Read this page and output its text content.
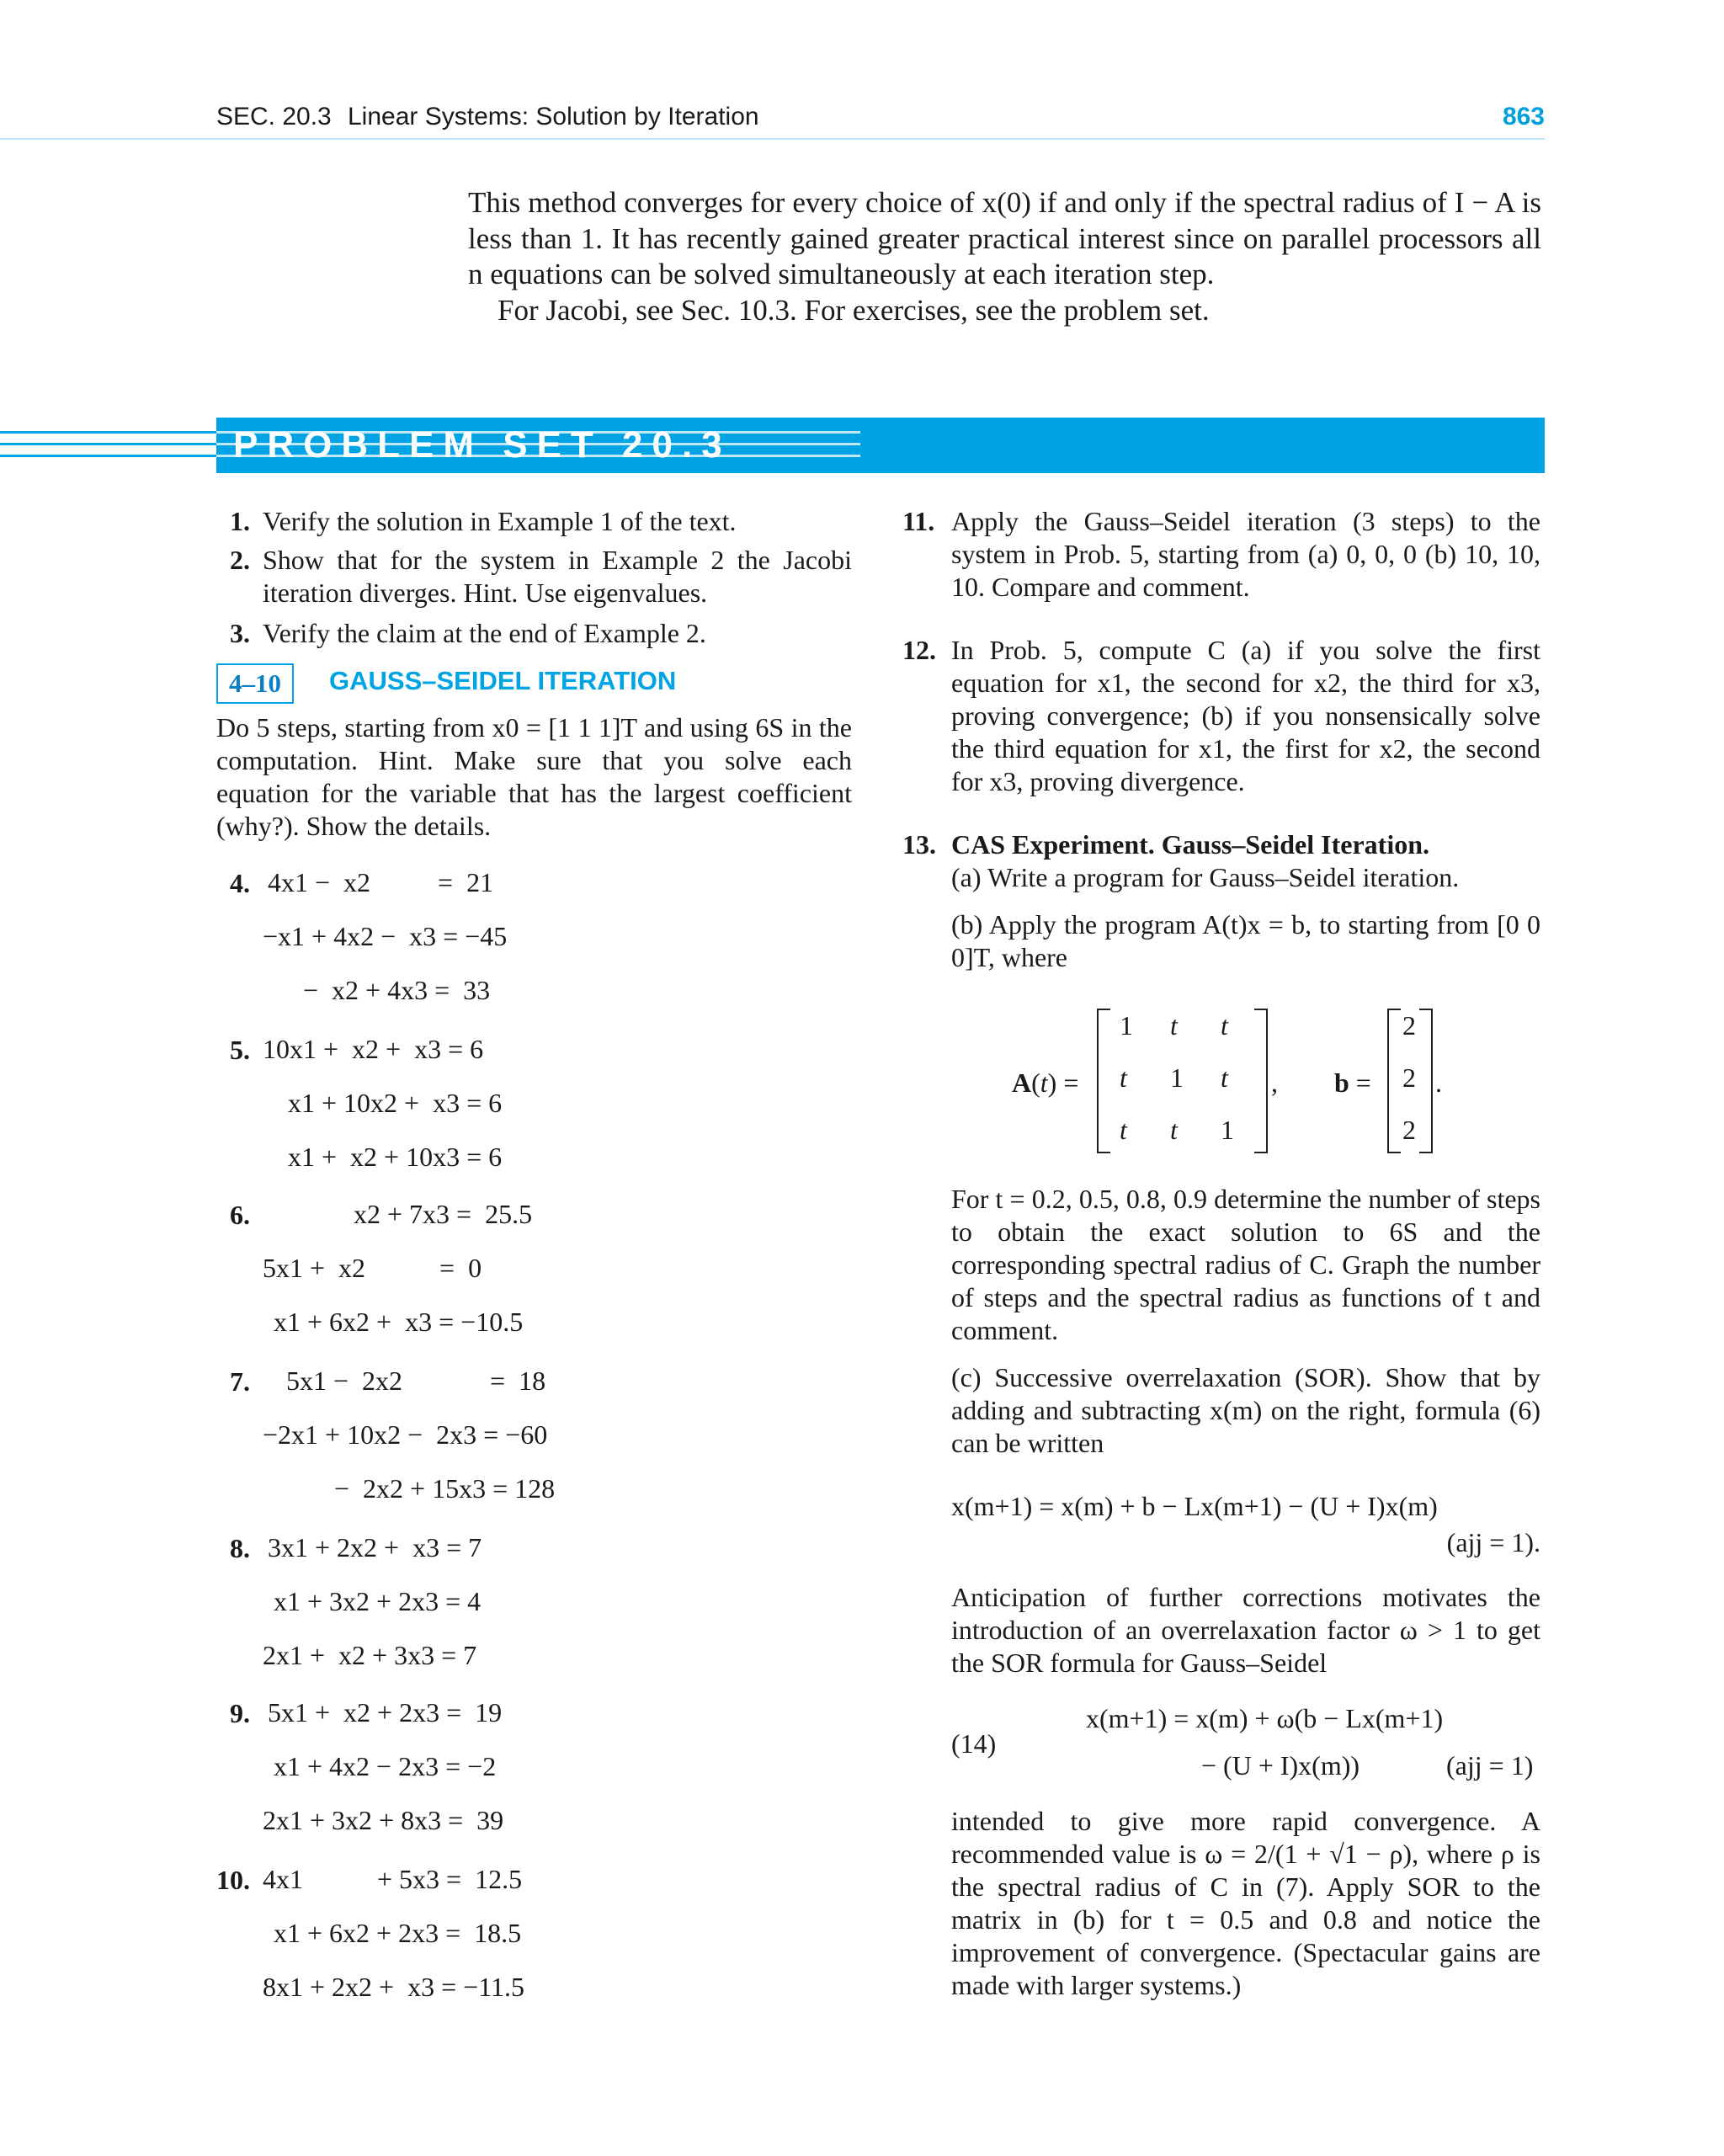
SEC. 20.3 Linear Systems: Solution by Iteration	863

This method converges for every choice of x(0) if and only if the spectral radius of I − A is less than 1. It has recently gained greater practical interest since on parallel processors all n equations can be solved simultaneously at each iteration step.

For Jacobi, see Sec. 10.3. For exercises, see the problem set.

PROBLEM SET 20.3
1. Verify the solution in Example 1 of the text.
2. Show that for the system in Example 2 the Jacobi iteration diverges. Hint. Use eigenvalues.
3. Verify the claim at the end of Example 2.
4–10	GAUSS–SEIDEL ITERATION
Do 5 steps, starting from x0 = [1 1 1]T and using 6S in the computation. Hint. Make sure that you solve each equation for the variable that has the largest coefficient (why?). Show the details.
4. 4x1 −  x2          =  21
−x1 + 4x2 −  x3 = −45
−  x2 + 4x3 =  33
5. 10x1 +  x2 +  x3 = 6
x1 + 10x2 +  x3 = 6
x1 +  x2 + 10x3 = 6
6.	x2 + 7x3 =  25.5
5x1 +  x2           =  0
x1 + 6x2 +  x3 = −10.5
7. 5x1 −  2x2             =  18
−2x1 + 10x2 −  2x3 = −60
−  2x2 + 15x3 = 128
8. 3x1 + 2x2 +  x3 = 7
x1 + 3x2 + 2x3 = 4
2x1 +  x2 + 3x3 = 7
9. 5x1 +  x2 + 2x3 =  19
x1 + 4x2 − 2x3 = −2
2x1 + 3x2 + 8x3 =  39
10. 4x1           + 5x3 =  12.5
x1 + 6x2 + 2x3 =  18.5
8x1 + 2x2 +  x3 = −11.5
11. Apply the Gauss–Seidel iteration (3 steps) to the system in Prob. 5, starting from (a) 0, 0, 0 (b) 10, 10, 10. Compare and comment.
12. In Prob. 5, compute C (a) if you solve the first equation for x1, the second for x2, the third for x3, proving convergence; (b) if you nonsensically solve the third equation for x1, the first for x2, the second for x3, proving divergence.
13. CAS Experiment. Gauss–Seidel Iteration.
(a) Write a program for Gauss–Seidel iteration.
(b) Apply the program A(t)x = b, to starting from [0 0 0]T, where
A(t) =
1 t t
t 1 t
t t 1
, b =
2
2
2
.
For t = 0.2, 0.5, 0.8, 0.9 determine the number of steps to obtain the exact solution to 6S and the corresponding spectral radius of C. Graph the number of steps and the spectral radius as functions of t and comment.
(c) Successive overrelaxation (SOR). Show that by adding and subtracting x(m) on the right, formula (6) can be written
x(m+1) = x(m) + b − Lx(m+1) − (U + I)x(m)
(ajj = 1).
Anticipation of further corrections motivates the introduction of an overrelaxation factor ω > 1 to get the SOR formula for Gauss–Seidel
(14)
x(m+1) = x(m) + ω(b − Lx(m+1)
− (U + I)x(m))	(ajj = 1)
intended to give more rapid convergence. A recommended value is ω = 2/(1 + √1 − ρ), where ρ is the spectral radius of C in (7). Apply SOR to the matrix in (b) for t = 0.5 and 0.8 and notice the improvement of convergence. (Spectacular gains are made with larger systems.)
